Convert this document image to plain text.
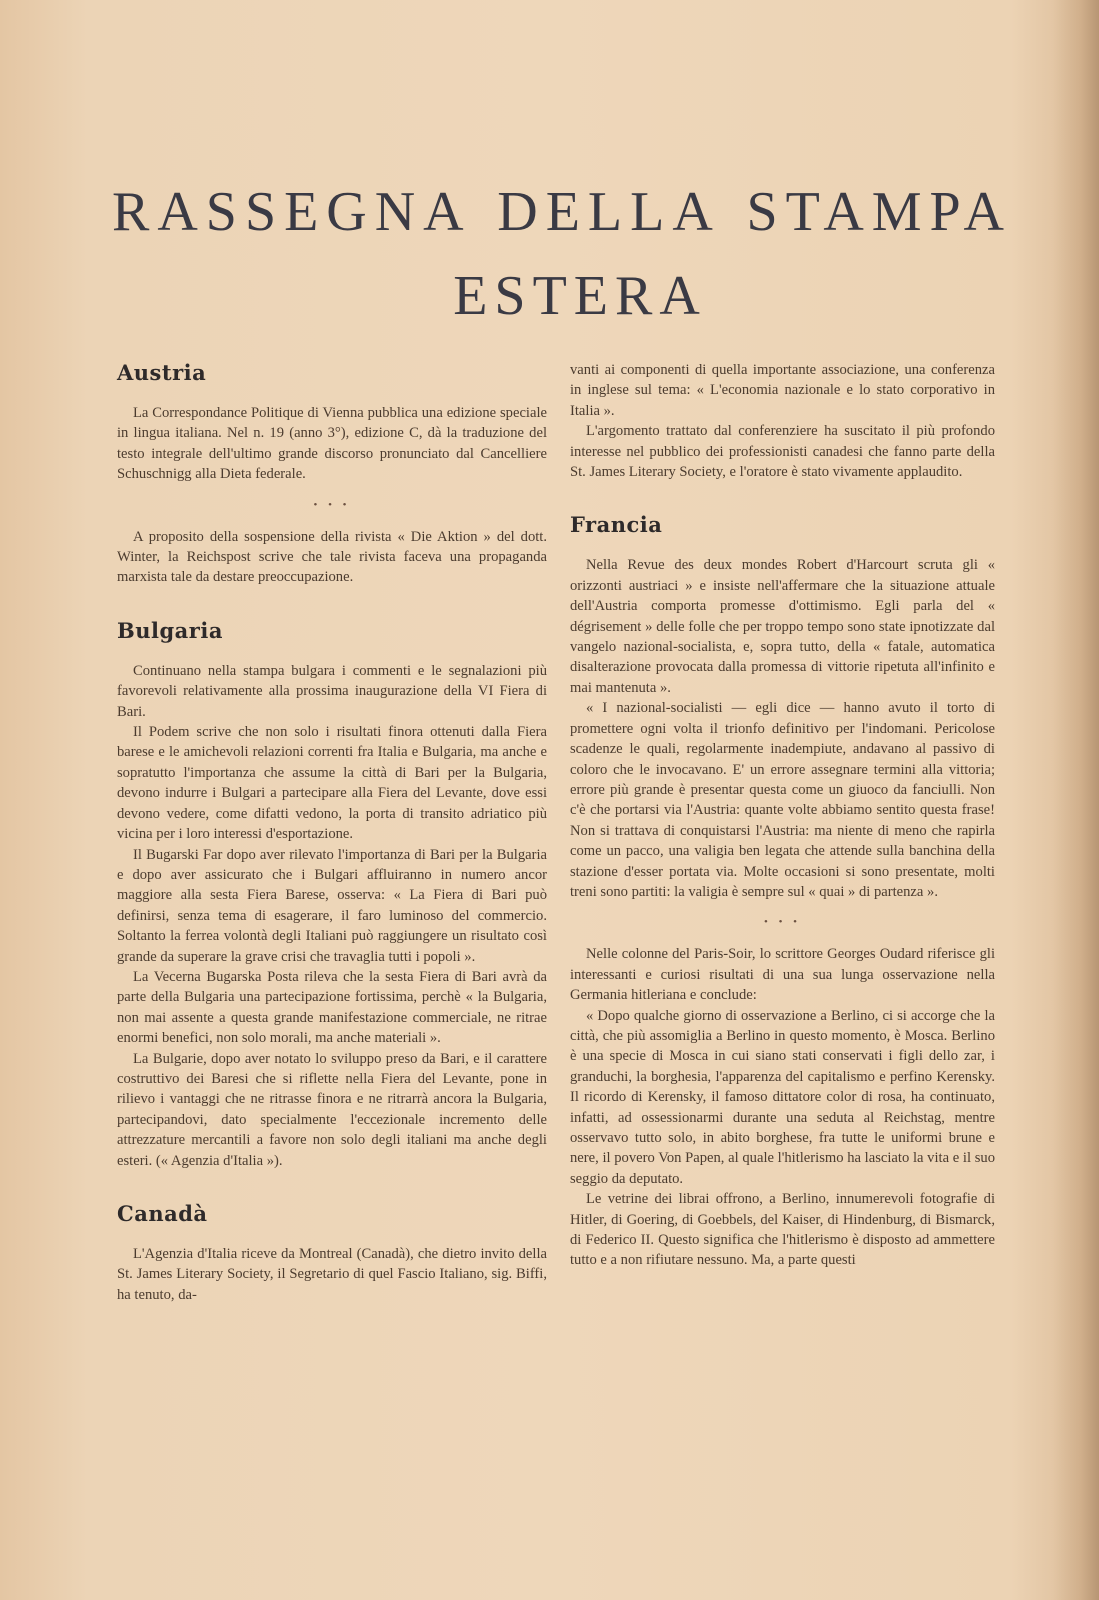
RASSEGNA DELLA STAMPA
ESTERA
Austria

La Correspondance Politique di Vienna pubblica una edizione speciale in lingua italiana. Nel n. 19 (anno 3°), edizione C, dà la traduzione del testo integrale dell'ultimo grande discorso pronunciato dal Cancelliere Schuschnigg alla Dieta federale.

• • •

A proposito della sospensione della rivista « Die Aktion » del dott. Winter, la Reichspost scrive che tale rivista faceva una propaganda marxista tale da destare preoccupazione.

Bulgaria

Continuano nella stampa bulgara i commenti e le segnalazioni più favorevoli relativamente alla prossima inaugurazione della VI Fiera di Bari.

Il Podem scrive che non solo i risultati finora ottenuti dalla Fiera barese e le amichevoli relazioni correnti fra Italia e Bulgaria, ma anche e sopratutto l'importanza che assume la città di Bari per la Bulgaria, devono indurre i Bulgari a partecipare alla Fiera del Levante, dove essi devono vedere, come difatti vedono, la porta di transito adriatico più vicina per i loro interessi d'esportazione.

Il Bugarski Far dopo aver rilevato l'importanza di Bari per la Bulgaria e dopo aver assicurato che i Bulgari affluiranno in numero ancor maggiore alla sesta Fiera Barese, osserva: « La Fiera di Bari può definirsi, senza tema di esagerare, il faro luminoso del commercio. Soltanto la ferrea volontà degli Italiani può raggiungere un risultato così grande da superare la grave crisi che travaglia tutti i popoli ».

La Vecerna Bugarska Posta rileva che la sesta Fiera di Bari avrà da parte della Bulgaria una partecipazione fortissima, perchè « la Bulgaria, non mai assente a questa grande manifestazione commerciale, ne ritrae enormi benefici, non solo morali, ma anche materiali ».

La Bulgarie, dopo aver notato lo sviluppo preso da Bari, e il carattere costruttivo dei Baresi che si riflette nella Fiera del Levante, pone in rilievo i vantaggi che ne ritrasse finora e ne ritrarrà ancora la Bulgaria, partecipandovi, dato specialmente l'eccezionale incremento delle attrezzature mercantili a favore non solo degli italiani ma anche degli esteri. (« Agenzia d'Italia »).

Canadà

L'Agenzia d'Italia riceve da Montreal (Canadà), che dietro invito della St. James Literary Society, il Segretario di quel Fascio Italiano, sig. Biffi, ha tenuto, da-

vanti ai componenti di quella importante associazione, una conferenza in inglese sul tema: « L'economia nazionale e lo stato corporativo in Italia ».

L'argomento trattato dal conferenziere ha suscitato il più profondo interesse nel pubblico dei professionisti canadesi che fanno parte della St. James Literary Society, e l'oratore è stato vivamente applaudito.

Francia

Nella Revue des deux mondes Robert d'Harcourt scruta gli « orizzonti austriaci » e insiste nell'affermare che la situazione attuale dell'Austria comporta promesse d'ottimismo. Egli parla del « dégrisement » delle folle che per troppo tempo sono state ipnotizzate dal vangelo nazional-socialista, e, sopra tutto, della « fatale, automatica disalterazione provocata dalla promessa di vittorie ripetuta all'infinito e mai mantenuta ».

« I nazional-socialisti — egli dice — hanno avuto il torto di promettere ogni volta il trionfo definitivo per l'indomani. Pericolose scadenze le quali, regolarmente inadempiute, andavano al passivo di coloro che le invocavano. E' un errore assegnare termini alla vittoria; errore più grande è presentar questa come un giuoco da fanciulli. Non c'è che portarsi via l'Austria: quante volte abbiamo sentito questa frase! Non si trattava di conquistarsi l'Austria: ma niente di meno che rapirla come un pacco, una valigia ben legata che attende sulla banchina della stazione d'esser portata via. Molte occasioni si sono presentate, molti treni sono partiti: la valigia è sempre sul « quai » di partenza ».

• • •

Nelle colonne del Paris-Soir, lo scrittore Georges Oudard riferisce gli interessanti e curiosi risultati di una sua lunga osservazione nella Germania hitleriana e conclude:

« Dopo qualche giorno di osservazione a Berlino, ci si accorge che la città, che più assomiglia a Berlino in questo momento, è Mosca. Berlino è una specie di Mosca in cui siano stati conservati i figli dello zar, i granduchi, la borghesia, l'apparenza del capitalismo e perfino Kerensky. Il ricordo di Kerensky, il famoso dittatore color di rosa, ha continuato, infatti, ad ossessionarmi durante una seduta al Reichstag, mentre osservavo tutto solo, in abito borghese, fra tutte le uniformi brune e nere, il povero Von Papen, al quale l'hitlerismo ha lasciato la vita e il suo seggio da deputato.

Le vetrine dei librai offrono, a Berlino, innumerevoli fotografie di Hitler, di Goering, di Goebbels, del Kaiser, di Hindenburg, di Bismarck, di Federico II. Questo significa che l'hitlerismo è disposto ad ammettere tutto e a non rifiutare nessuno. Ma, a parte questi
